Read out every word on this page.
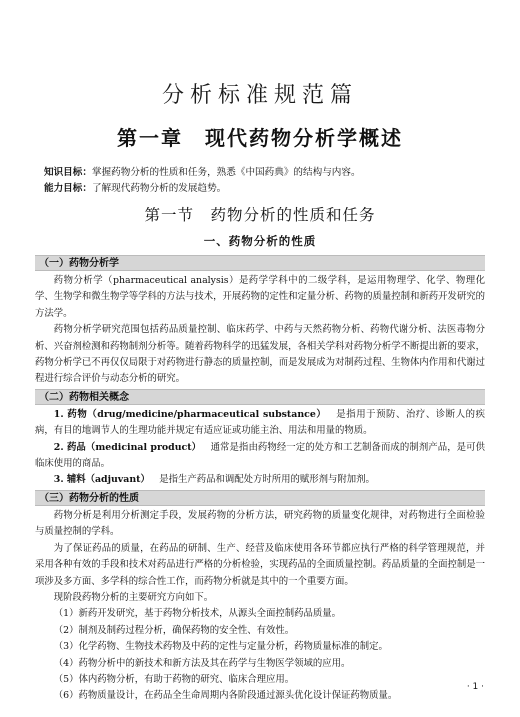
分析标准规范篇
第一章　现代药物分析学概述
知识目标：掌握药物分析的性质和任务，熟悉《中国药典》的结构与内容。
能力目标：了解现代药物分析的发展趋势。
第一节　药物分析的性质和任务
一、药物分析的性质
（一）药物分析学

药物分析学（pharmaceutical analysis）是药学学科中的二级学科，是运用物理学、化学、物理化学、生物学和微生物学等学科的方法与技术，开展药物的定性和定量分析、药物的质量控制和新药开发研究的方法学。

药物分析学研究范围包括药品质量控制、临床药学、中药与天然药物分析、药物代谢分析、法医毒物分析、兴奋剂检测和药物制剂分析等。随着药物科学的迅猛发展，各相关学科对药物分析学不断提出新的要求，药物分析学已不再仅仅局限于对药物进行静态的质量控制，而是发展成为对制药过程、生物体内作用和代谢过程进行综合评价与动态分析的研究。

（二）药物相关概念

1. 药物（drug/medicine/pharmaceutical substance）  是指用于预防、治疗、诊断人的疾病，有目的地调节人的生理功能并规定有适应证或功能主治、用法和用量的物质。

2. 药品（medicinal product）  通常是指由药物经一定的处方和工艺制备而成的制剂产品，是可供临床使用的商品。

3. 辅料（adjuvant）  是指生产药品和调配处方时所用的赋形剂与附加剂。

（三）药物分析的性质

药物分析是利用分析测定手段，发展药物的分析方法，研究药物的质量变化规律，对药物进行全面检验与质量控制的学科。

为了保证药品的质量，在药品的研制、生产、经营及临床使用各环节都应执行严格的科学管理规范，并采用各种有效的手段和技术对药品进行严格的分析检验，实现药品的全面质量控制。药品质量的全面控制是一项涉及多方面、多学科的综合性工作，而药物分析就是其中的一个重要方面。

现阶段药物分析的主要研究方向如下。

（1）新药开发研究，基于药物分析技术，从源头全面控制药品质量。

（2）制剂及制药过程分析，确保药物的安全性、有效性。

（3）化学药物、生物技术药物及中药的定性与定量分析，药物质量标准的制定。

（4）药物分析中的新技术和新方法及其在药学与生物医学领域的应用。

（5）体内药物分析，有助于药物的研究、临床合理应用。

（6）药物质量设计，在药品全生命周期内各阶段通过源头优化设计保证药物质量。

· 1 ·
